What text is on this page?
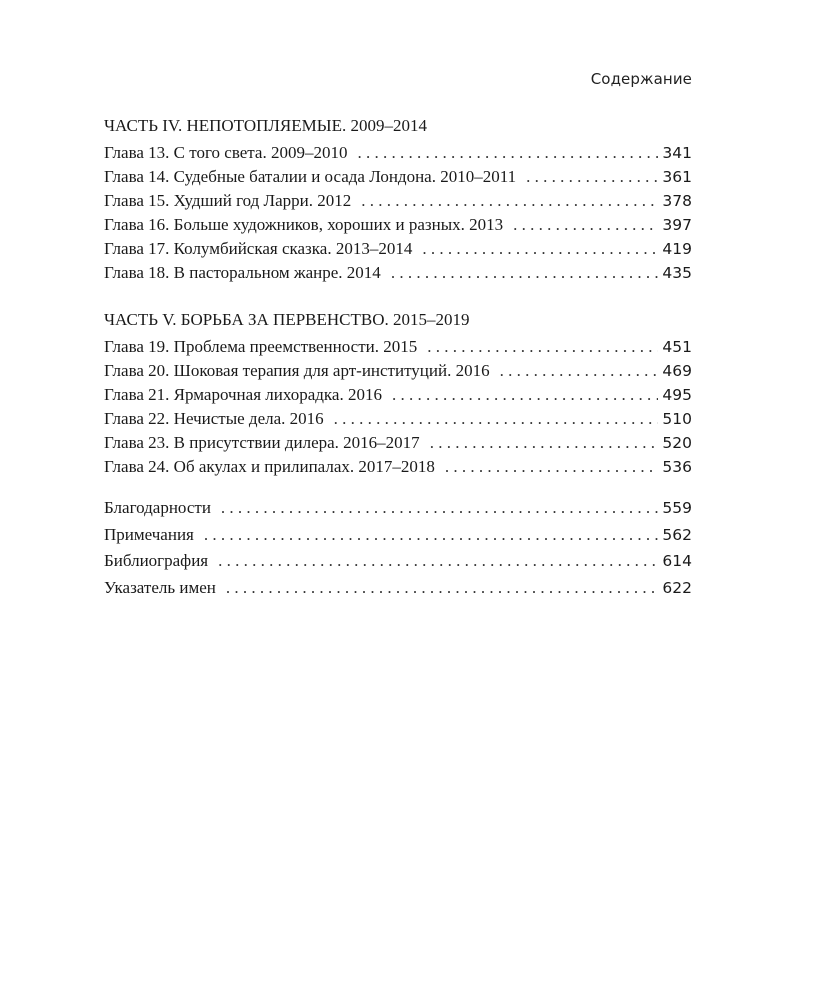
Содержание
ЧАСТЬ IV. НЕПОТОПЛЯЕМЫЕ. 2009–2014
Глава 13. С того света. 2009–2010 . . .	341
Глава 14. Судебные баталии и осада Лондона. 2010–2011 . . .	361
Глава 15. Худший год Ларри. 2012 . . .	378
Глава 16. Больше художников, хороших и разных. 2013 . . .	397
Глава 17. Колумбийская сказка. 2013–2014 . . .	419
Глава 18. В пасторальном жанре. 2014 . . .	435
ЧАСТЬ V. БОРЬБА ЗА ПЕРВЕНСТВО. 2015–2019
Глава 19. Проблема преемственности. 2015 . . .	451
Глава 20. Шоковая терапия для арт-институций. 2016 . . .	469
Глава 21. Ярмарочная лихорадка. 2016 . . .	495
Глава 22. Нечистые дела. 2016 . . .	510
Глава 23. В присутствии дилера. 2016–2017 . . .	520
Глава 24. Об акулах и прилипалах. 2017–2018 . . .	536
Благодарности . . .	559
Примечания . . .	562
Библиография . . .	614
Указатель имен . . .	622
